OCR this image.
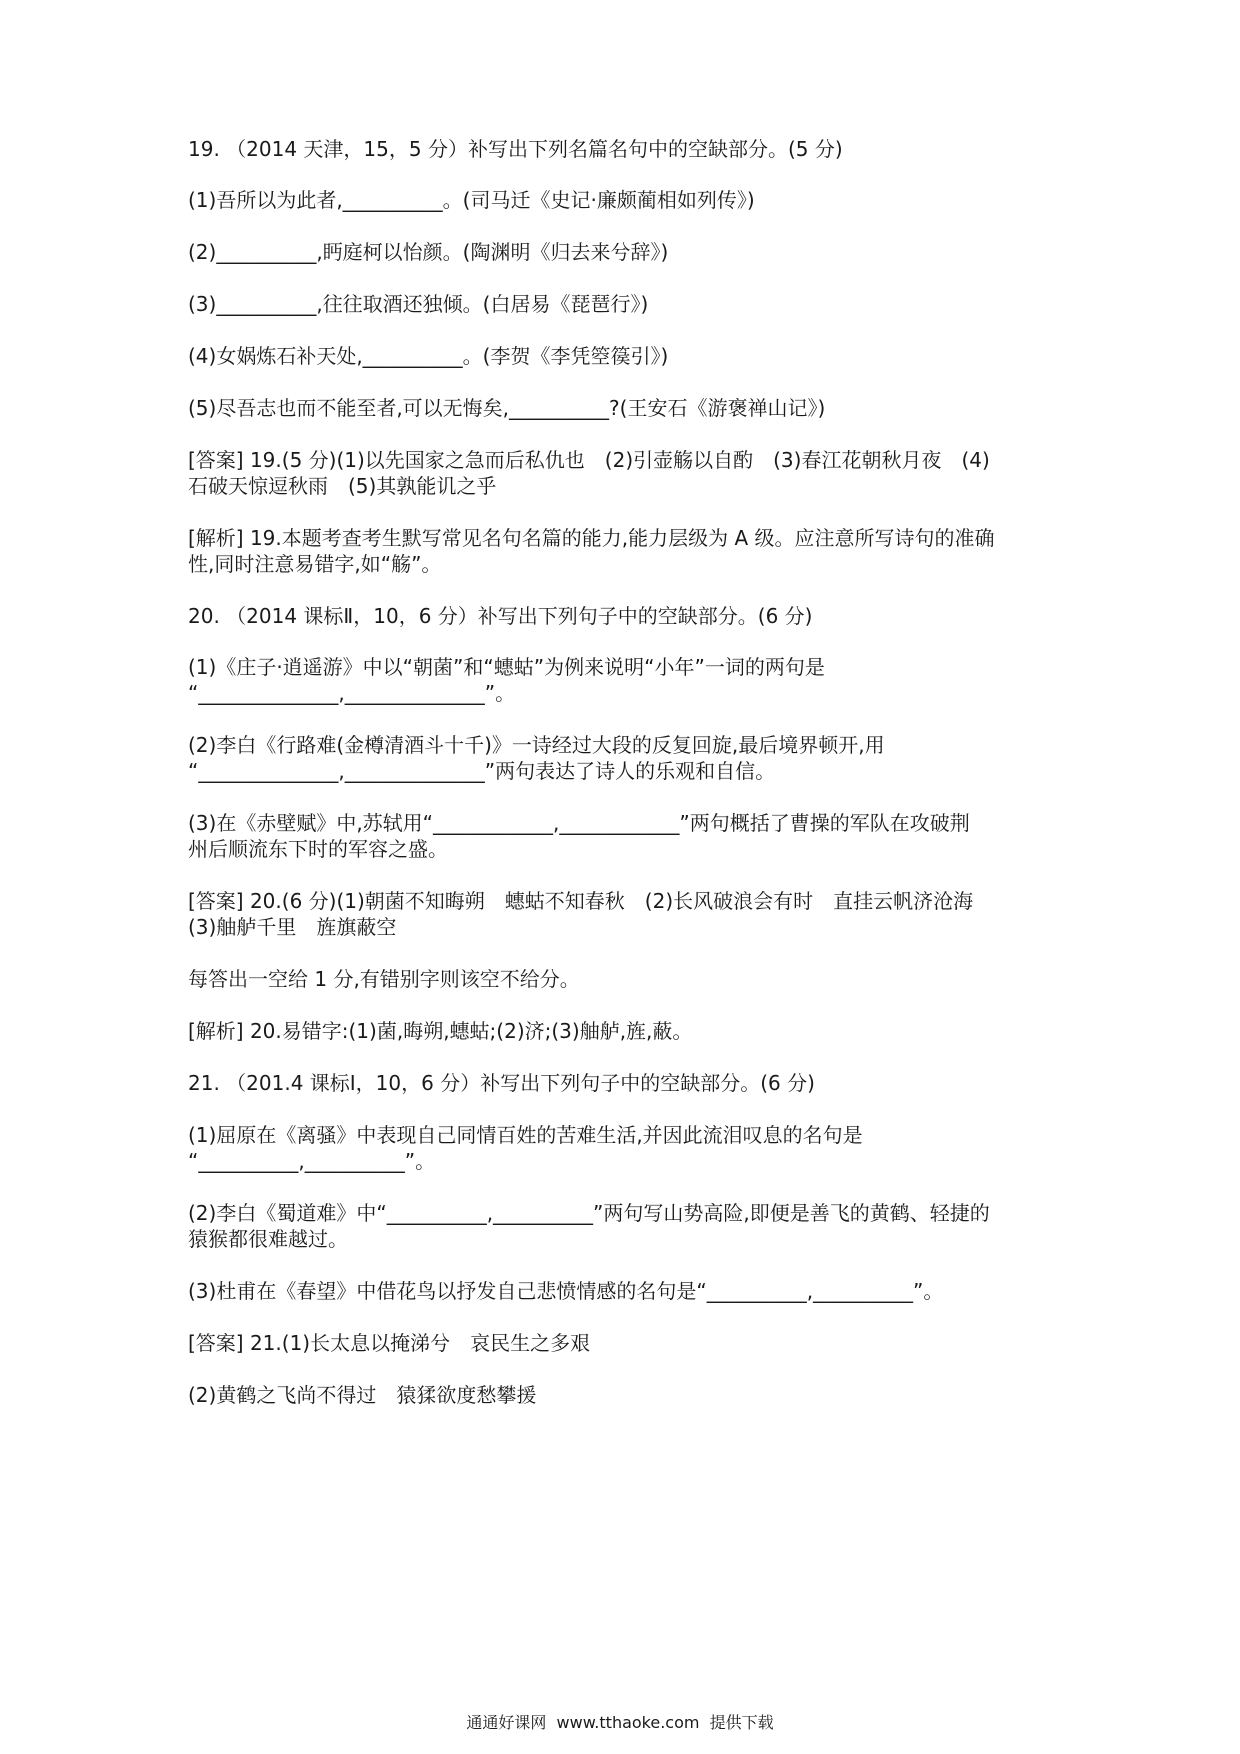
19. （2014 天津，15，5 分）补写出下列名篇名句中的空缺部分。(5 分)
(1)吾所以为此者,__________。(司马迁《史记·廉颇蔺相如列传》)
(2)__________,眄庭柯以怡颜。(陶渊明《归去来兮辞》)
(3)__________,往往取酒还独倾。(白居易《琵琶行》)
(4)女娲炼石补天处,__________。(李贺《李凭箜篌引》)
(5)尽吾志也而不能至者,可以无悔矣,__________?(王安石《游褒禅山记》)
[答案] 19.(5 分)(1)以先国家之急而后私仇也　(2)引壶觞以自酌　(3)春江花朝秋月夜　(4)
石破天惊逗秋雨　(5)其孰能讥之乎
[解析] 19.本题考查考生默写常见名句名篇的能力,能力层级为 A 级。应注意所写诗句的准确
性,同时注意易错字,如“觞”。
20. （2014 课标Ⅱ，10，6 分）补写出下列句子中的空缺部分。(6 分)
(1)《庄子·逍遥游》中以“朝菌”和“蟪蛄”为例来说明“小年”一词的两句是
“______________,______________”。
(2)李白《行路难(金樽清酒斗十千)》一诗经过大段的反复回旋,最后境界顿开,用
“______________,______________”两句表达了诗人的乐观和自信。
(3)在《赤壁赋》中,苏轼用“____________,____________”两句概括了曹操的军队在攻破荆
州后顺流东下时的军容之盛。
[答案] 20.(6 分)(1)朝菌不知晦朔　蟪蛄不知春秋　(2)长风破浪会有时　直挂云帆济沧海
(3)舳舻千里　旌旗蔽空
每答出一空给 1 分,有错别字则该空不给分。
[解析] 20.易错字:(1)菌,晦朔,蟪蛄;(2)济;(3)舳舻,旌,蔽。
21. （201.4 课标Ⅰ，10，6 分）补写出下列句子中的空缺部分。(6 分)
(1)屈原在《离骚》中表现自己同情百姓的苦难生活,并因此流泪叹息的名句是
“__________,__________”。
(2)李白《蜀道难》中“__________,__________”两句写山势高险,即便是善飞的黄鹤、轻捷的
猿猴都很难越过。
(3)杜甫在《春望》中借花鸟以抒发自己悲愤情感的名句是“__________,__________”。
[答案] 21.(1)长太息以掩涕兮　哀民生之多艰
(2)黄鹤之飞尚不得过　猿猱欲度愁攀援
通通好课网  www.tthaoke.com  提供下载
